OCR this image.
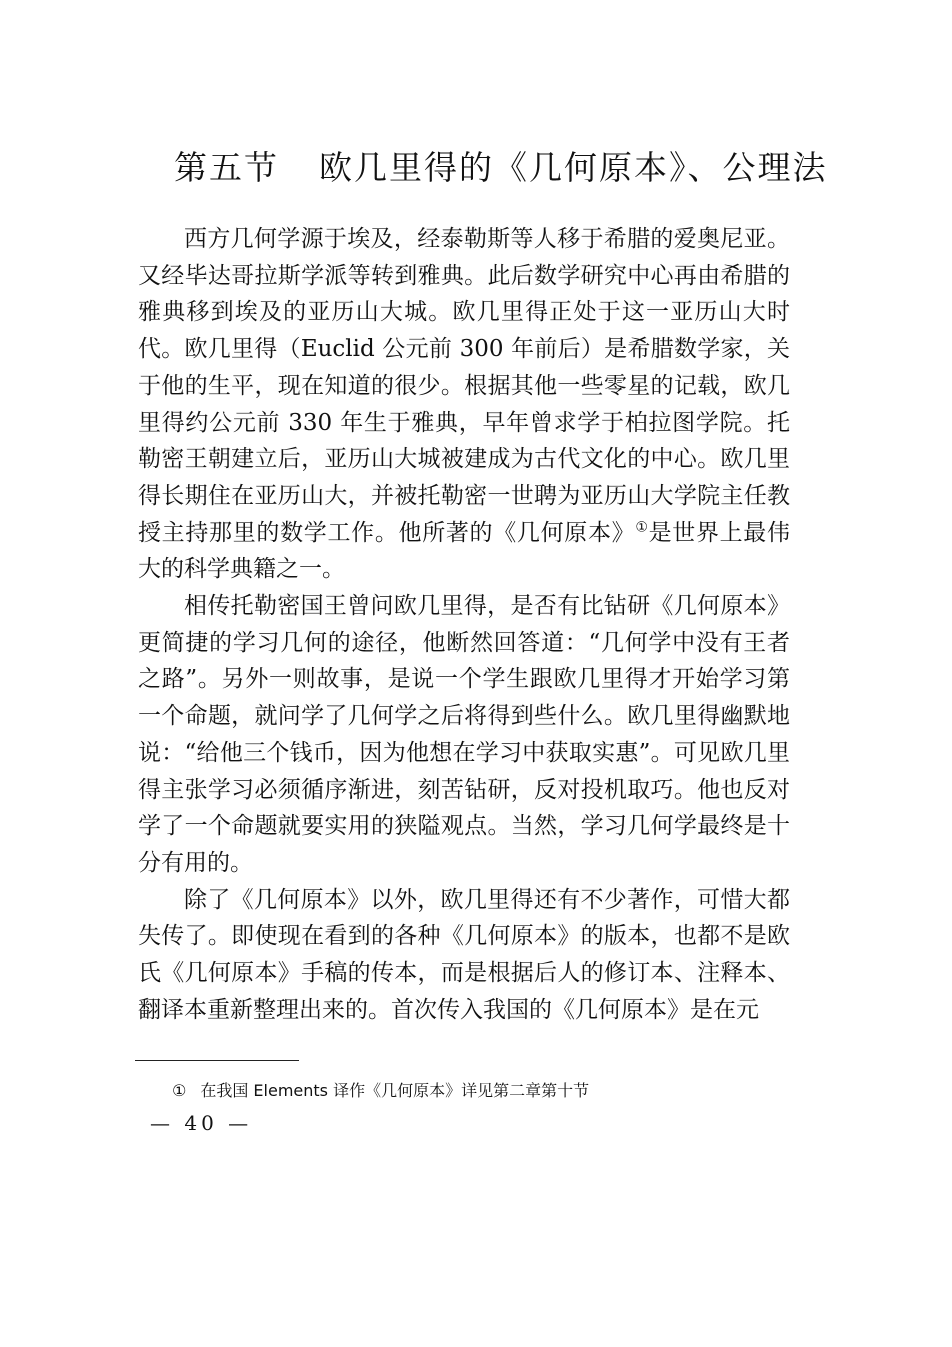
第五节 欧几里得的《几何原本》、公理法

西方几何学源于埃及，经泰勒斯等人移于希腊的爱奥尼亚。又经毕达哥拉斯学派等转到雅典。此后数学研究中心再由希腊的雅典移到埃及的亚历山大城。欧几里得正处于这一亚历山大时代。欧几里得（Euclid 公元前 300 年前后）是希腊数学家，关于他的生平，现在知道的很少。根据其他一些零星的记载，欧几里得约公元前 330 年生于雅典，早年曾求学于柏拉图学院。托勒密王朝建立后，亚历山大城被建成为古代文化的中心。欧几里得长期住在亚历山大，并被托勒密一世聘为亚历山大学院主任教授主持那里的数学工作。他所著的《几何原本》①是世界上最伟大的科学典籍之一。

相传托勒密国王曾问欧几里得，是否有比钻研《几何原本》更简捷的学习几何的途径，他断然回答道：“几何学中没有王者之路”。另外一则故事，是说一个学生跟欧几里得才开始学习第一个命题，就问学了几何学之后将得到些什么。欧几里得幽默地说：“给他三个钱币，因为他想在学习中获取实惠”。可见欧几里得主张学习必须循序渐进，刻苦钻研，反对投机取巧。他也反对学了一个命题就要实用的狭隘观点。当然，学习几何学最终是十分有用的。

除了《几何原本》以外，欧几里得还有不少著作，可惜大都失传了。即使现在看到的各种《几何原本》的版本，也都不是欧氏《几何原本》手稿的传本，而是根据后人的修订本、注释本、翻译本重新整理出来的。首次传入我国的《几何原本》是在元

① 在我国 Elements 译作《几何原本》详见第二章第十节
— 40 —
